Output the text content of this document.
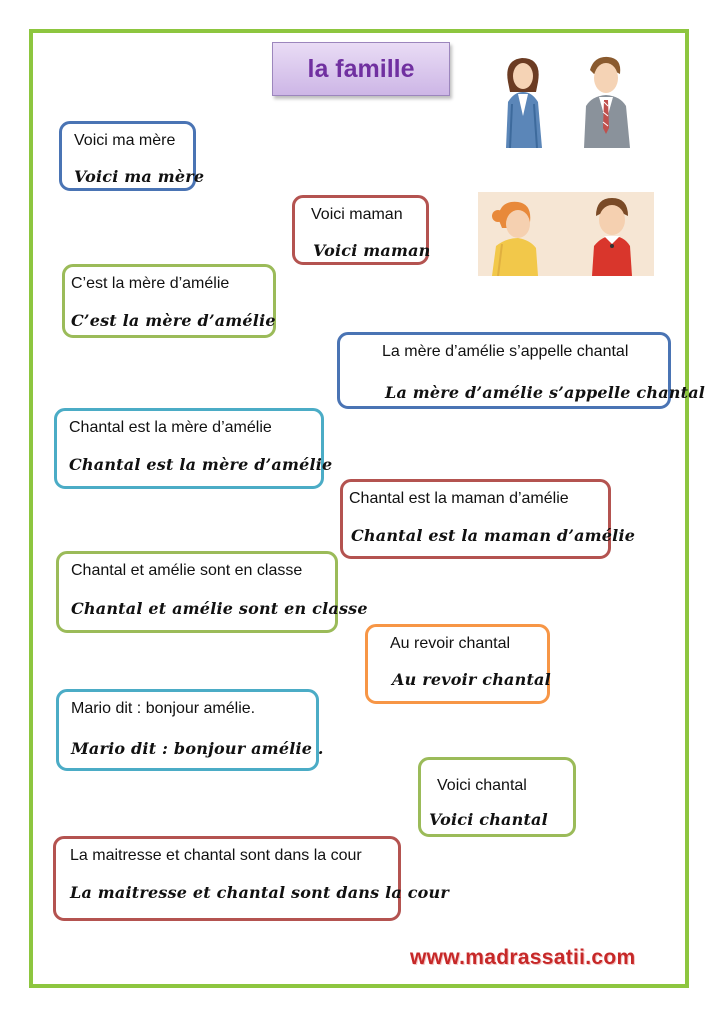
la famille
Voici ma mère
Voici ma mère
Voici maman
Voici maman
C’est la mère d’amélie
C’est la mère d’amélie
La mère d’amélie s’appelle chantal
La mère d’amélie s’appelle chantal
Chantal est la mère d’amélie
Chantal est la mère d’amélie
Chantal est la maman d’amélie
Chantal est la maman d’amélie
Chantal et amélie sont en classe
Chantal et amélie sont en classe
Au revoir chantal
Au revoir chantal
Mario dit : bonjour amélie.
Mario dit : bonjour amélie .
Voici chantal
Voici chantal
La maitresse et chantal sont dans la cour
La maitresse et chantal sont dans la cour
www.madrassatii.com
